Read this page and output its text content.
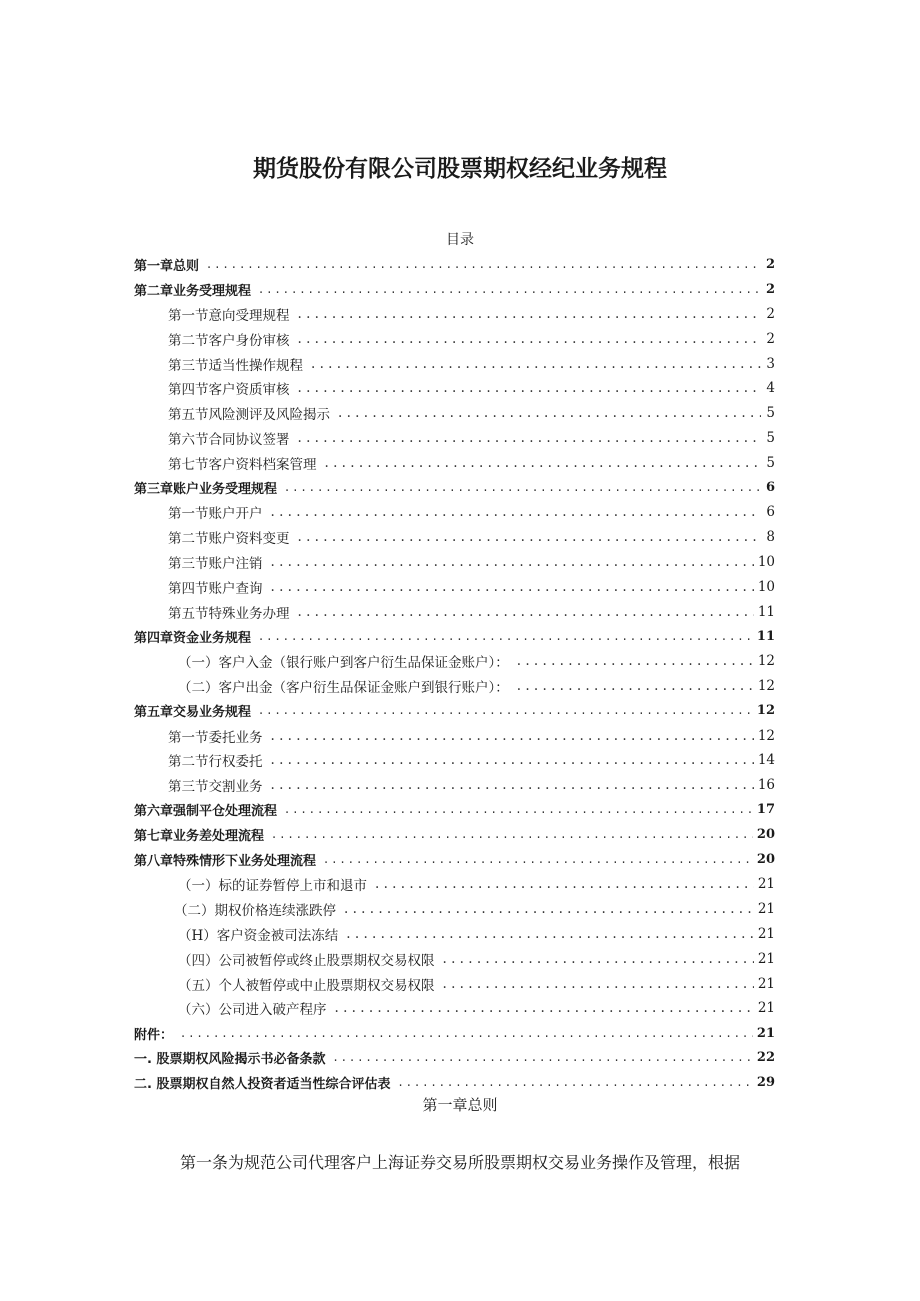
期货股份有限公司股票期权经纪业务规程

目录

第一章总则 . . .	2
第二章业务受理规程 . . .	2
第一节意向受理规程 . . .	2
第二节客户身份审核 . . .	2
第三节适当性操作规程 . . .	3
第四节客户资质审核 . . .	4
第五节风险测评及风险揭示 . . .	5
第六节合同协议签署 . . .	5
第七节客户资料档案管理 . . .	5
第三章账户业务受理规程 . . .	6
第一节账户开户 . . .	6
第二节账户资料变更 . . .	8
第三节账户注销 . . .	10
第四节账户查询 . . .	10
第五节特殊业务办理 . . .	11
第四章资金业务规程 . . .	11
（一）客户入金（银行账户到客户衍生品保证金账户）： . . .	12
（二）客户出金（客户衍生品保证金账户到银行账户）： . . .	12
第五章交易业务规程 . . .	12
第一节委托业务 . . .	12
第二节行权委托 . . .	14
第三节交割业务 . . .	16
第六章强制平仓处理流程 . . .	17
第七章业务差处理流程 . . .	20
第八章特殊情形下业务处理流程 . . .	20
（一）标的证券暂停上市和退市 . . .	21
（二）期权价格连续涨跌停 . . .	21
（H）客户资金被司法冻结 . . .	21
（四）公司被暂停或终止股票期权交易权限 . . .	21
（五）个人被暂停或中止股票期权交易权限 . . .	21
（六）公司进入破产程序 . . .	21
附件： . . .	21
一. 股票期权风险揭示书必备条款 . . .	22
二. 股票期权自然人投资者适当性综合评估表 . . .	29

第一章总则

第一条为规范公司代理客户上海证券交易所股票期权交易业务操作及管理，根据
